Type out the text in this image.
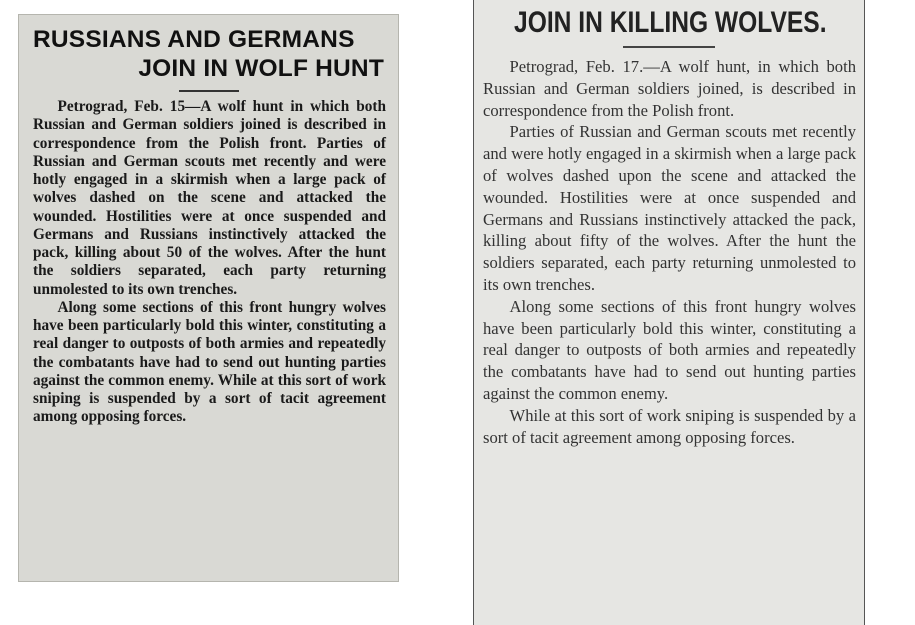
RUSSIANS AND GERMANS
JOIN IN WOLF HUNT

Petrograd, Feb. 15—A wolf hunt in which both Russian and German soldiers joined is described in correspondence from the Polish front. Parties of Russian and German scouts met recently and were hotly engaged in a skirmish when a large pack of wolves dashed on the scene and attacked the wounded. Hostilities were at once suspended and Germans and Russians instinctively attacked the pack, killing about 50 of the wolves. After the hunt the soldiers separated, each party returning unmolested to its own trenches.

Along some sections of this front hungry wolves have been particularly bold this winter, constituting a real danger to outposts of both armies and repeatedly the combatants have had to send out hunting parties against the common enemy. While at this sort of work sniping is suspended by a sort of tacit agreement among opposing forces.

JOIN IN KILLING WOLVES.

Petrograd, Feb. 17.—A wolf hunt, in which both Russian and German soldiers joined, is described in correspondence from the Polish front.

Parties of Russian and German scouts met recently and were hotly engaged in a skirmish when a large pack of wolves dashed upon the scene and attacked the wounded. Hostilities were at once suspended and Germans and Russians instinctively attacked the pack, killing about fifty of the wolves. After the hunt the soldiers separated, each party returning unmolested to its own trenches.

Along some sections of this front hungry wolves have been particularly bold this winter, constituting a real danger to outposts of both armies and repeatedly the combatants have had to send out hunting parties against the common enemy.

While at this sort of work sniping is suspended by a sort of tacit agreement among opposing forces.
